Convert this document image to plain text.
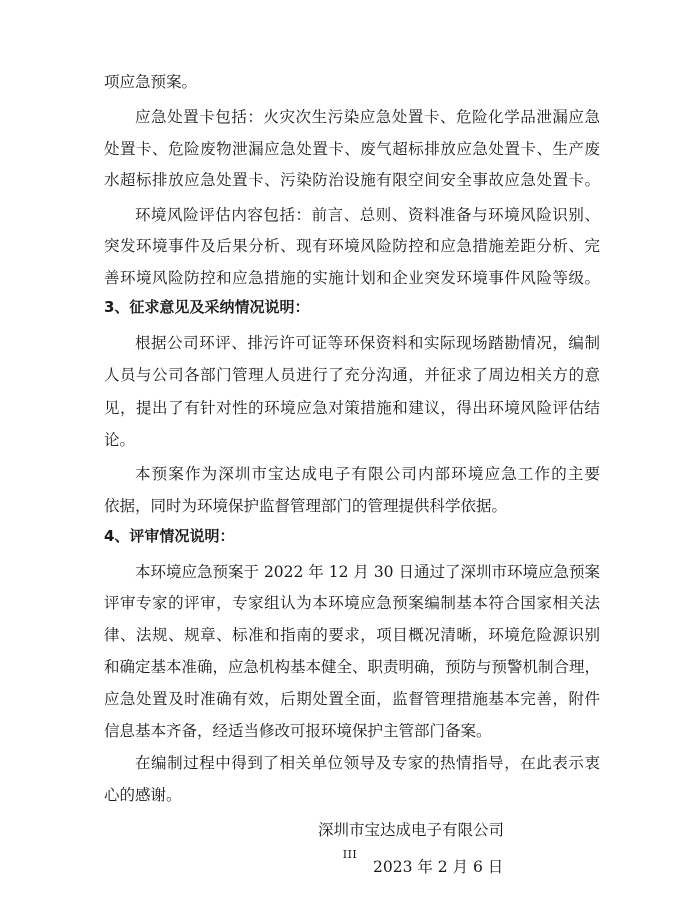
项应急预案。
应急处置卡包括：火灾次生污染应急处置卡、危险化学品泄漏应急
处置卡、危险废物泄漏应急处置卡、废气超标排放应急处置卡、生产废
水超标排放应急处置卡、污染防治设施有限空间安全事故应急处置卡。
环境风险评估内容包括：前言、总则、资料准备与环境风险识别、
突发环境事件及后果分析、现有环境风险防控和应急措施差距分析、完
善环境风险防控和应急措施的实施计划和企业突发环境事件风险等级。
3、征求意见及采纳情况说明：
根据公司环评、排污许可证等环保资料和实际现场踏勘情况，编制
人员与公司各部门管理人员进行了充分沟通，并征求了周边相关方的意
见，提出了有针对性的环境应急对策措施和建议，得出环境风险评估结
论。
本预案作为深圳市宝达成电子有限公司内部环境应急工作的主要
依据，同时为环境保护监督管理部门的管理提供科学依据。
4、评审情况说明：
本环境应急预案于 2022 年 12 月 30 日通过了深圳市环境应急预案
评审专家的评审，专家组认为本环境应急预案编制基本符合国家相关法
律、法规、规章、标准和指南的要求，项目概况清晰，环境危险源识别
和确定基本准确，应急机构基本健全、职责明确，预防与预警机制合理，
应急处置及时准确有效，后期处置全面，监督管理措施基本完善，附件
信息基本齐备，经适当修改可报环境保护主管部门备案。
在编制过程中得到了相关单位领导及专家的热情指导，在此表示衷
心的感谢。
深圳市宝达成电子有限公司
2023 年 2 月 6 日
III
